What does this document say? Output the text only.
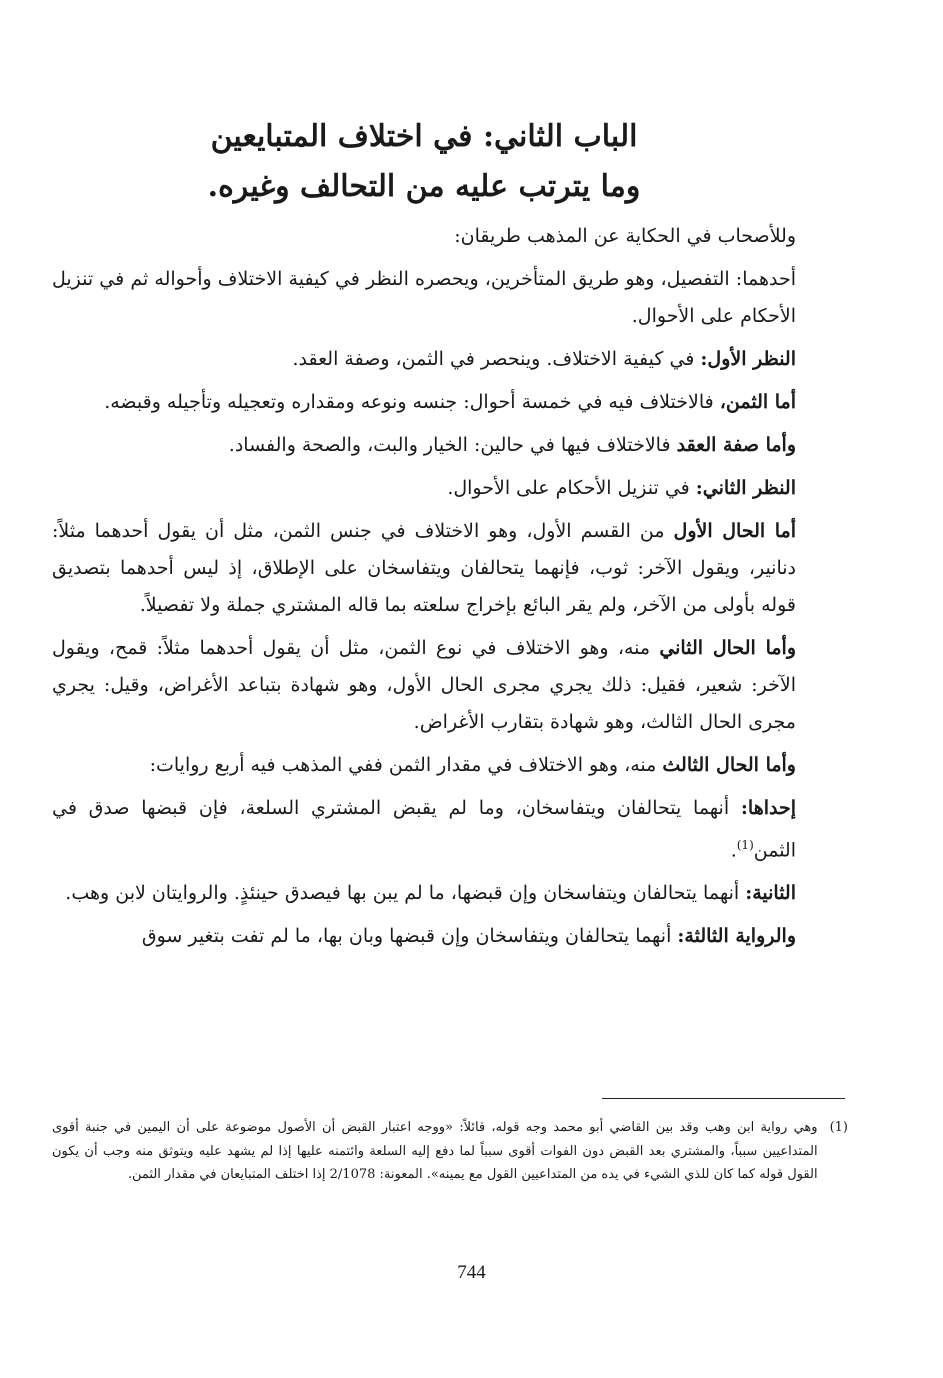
الباب الثاني: في اختلاف المتبايعين
وما يترتب عليه من التحالف وغيره.

وللأصحاب في الحكاية عن المذهب طريقان:

أحدهما: التفصيل، وهو طريق المتأخرين، ويحصره النظر في كيفية الاختلاف وأحواله ثم في تنزيل الأحكام على الأحوال.

النظر الأول: في كيفية الاختلاف. وينحصر في الثمن، وصفة العقد.

أما الثمن، فالاختلاف فيه في خمسة أحوال: جنسه ونوعه ومقداره وتعجيله وتأجيله وقبضه.

وأما صفة العقد فالاختلاف فيها في حالين: الخيار والبت، والصحة والفساد.

النظر الثاني: في تنزيل الأحكام على الأحوال.

أما الحال الأول من القسم الأول، وهو الاختلاف في جنس الثمن، مثل أن يقول أحدهما مثلاً: دنانير، ويقول الآخر: ثوب، فإنهما يتحالفان ويتفاسخان على الإطلاق، إذ ليس أحدهما بتصديق قوله بأولى من الآخر، ولم يقر البائع بإخراج سلعته بما قاله المشتري جملة ولا تفصيلاً.

وأما الحال الثاني منه، وهو الاختلاف في نوع الثمن، مثل أن يقول أحدهما مثلاً: قمح، ويقول الآخر: شعير، فقيل: ذلك يجري مجرى الحال الأول، وهو شهادة بتباعد الأغراض، وقيل: يجري مجرى الحال الثالث، وهو شهادة بتقارب الأغراض.

وأما الحال الثالث منه، وهو الاختلاف في مقدار الثمن ففي المذهب فيه أربع روايات:

إحداها: أنهما يتحالفان ويتفاسخان، وما لم يقبض المشتري السلعة، فإن قبضها صدق في الثمن$^{(1)}$.

الثانية: أنهما يتحالفان ويتفاسخان وإن قبضها، ما لم يبن بها فيصدق حينئذٍ. والروايتان لابن وهب.

والرواية الثالثة: أنهما يتحالفان ويتفاسخان وإن قبضها وبان بها، ما لم تفت بتغير سوق

(1)
وهي رواية ابن وهب وقد بين القاضي أبو محمد وجه قوله، قائلاً: «ووجه اعتبار القبض أن الأصول موضوعة على أن اليمين في جنبة أقوى المتداعيين سبباً، والمشتري بعد القبض دون الفوات أقوى سبباً لما دفع إليه السلعة وائتمنه عليها إذا لم يشهد عليه ويتوثق منه وجب أن يكون القول قوله كما كان للذي الشيء في يده من المتداعيين القول مع يمينه». المعونة: 2/1078 إذا اختلف المتبايعان في مقدار الثمن.
744
